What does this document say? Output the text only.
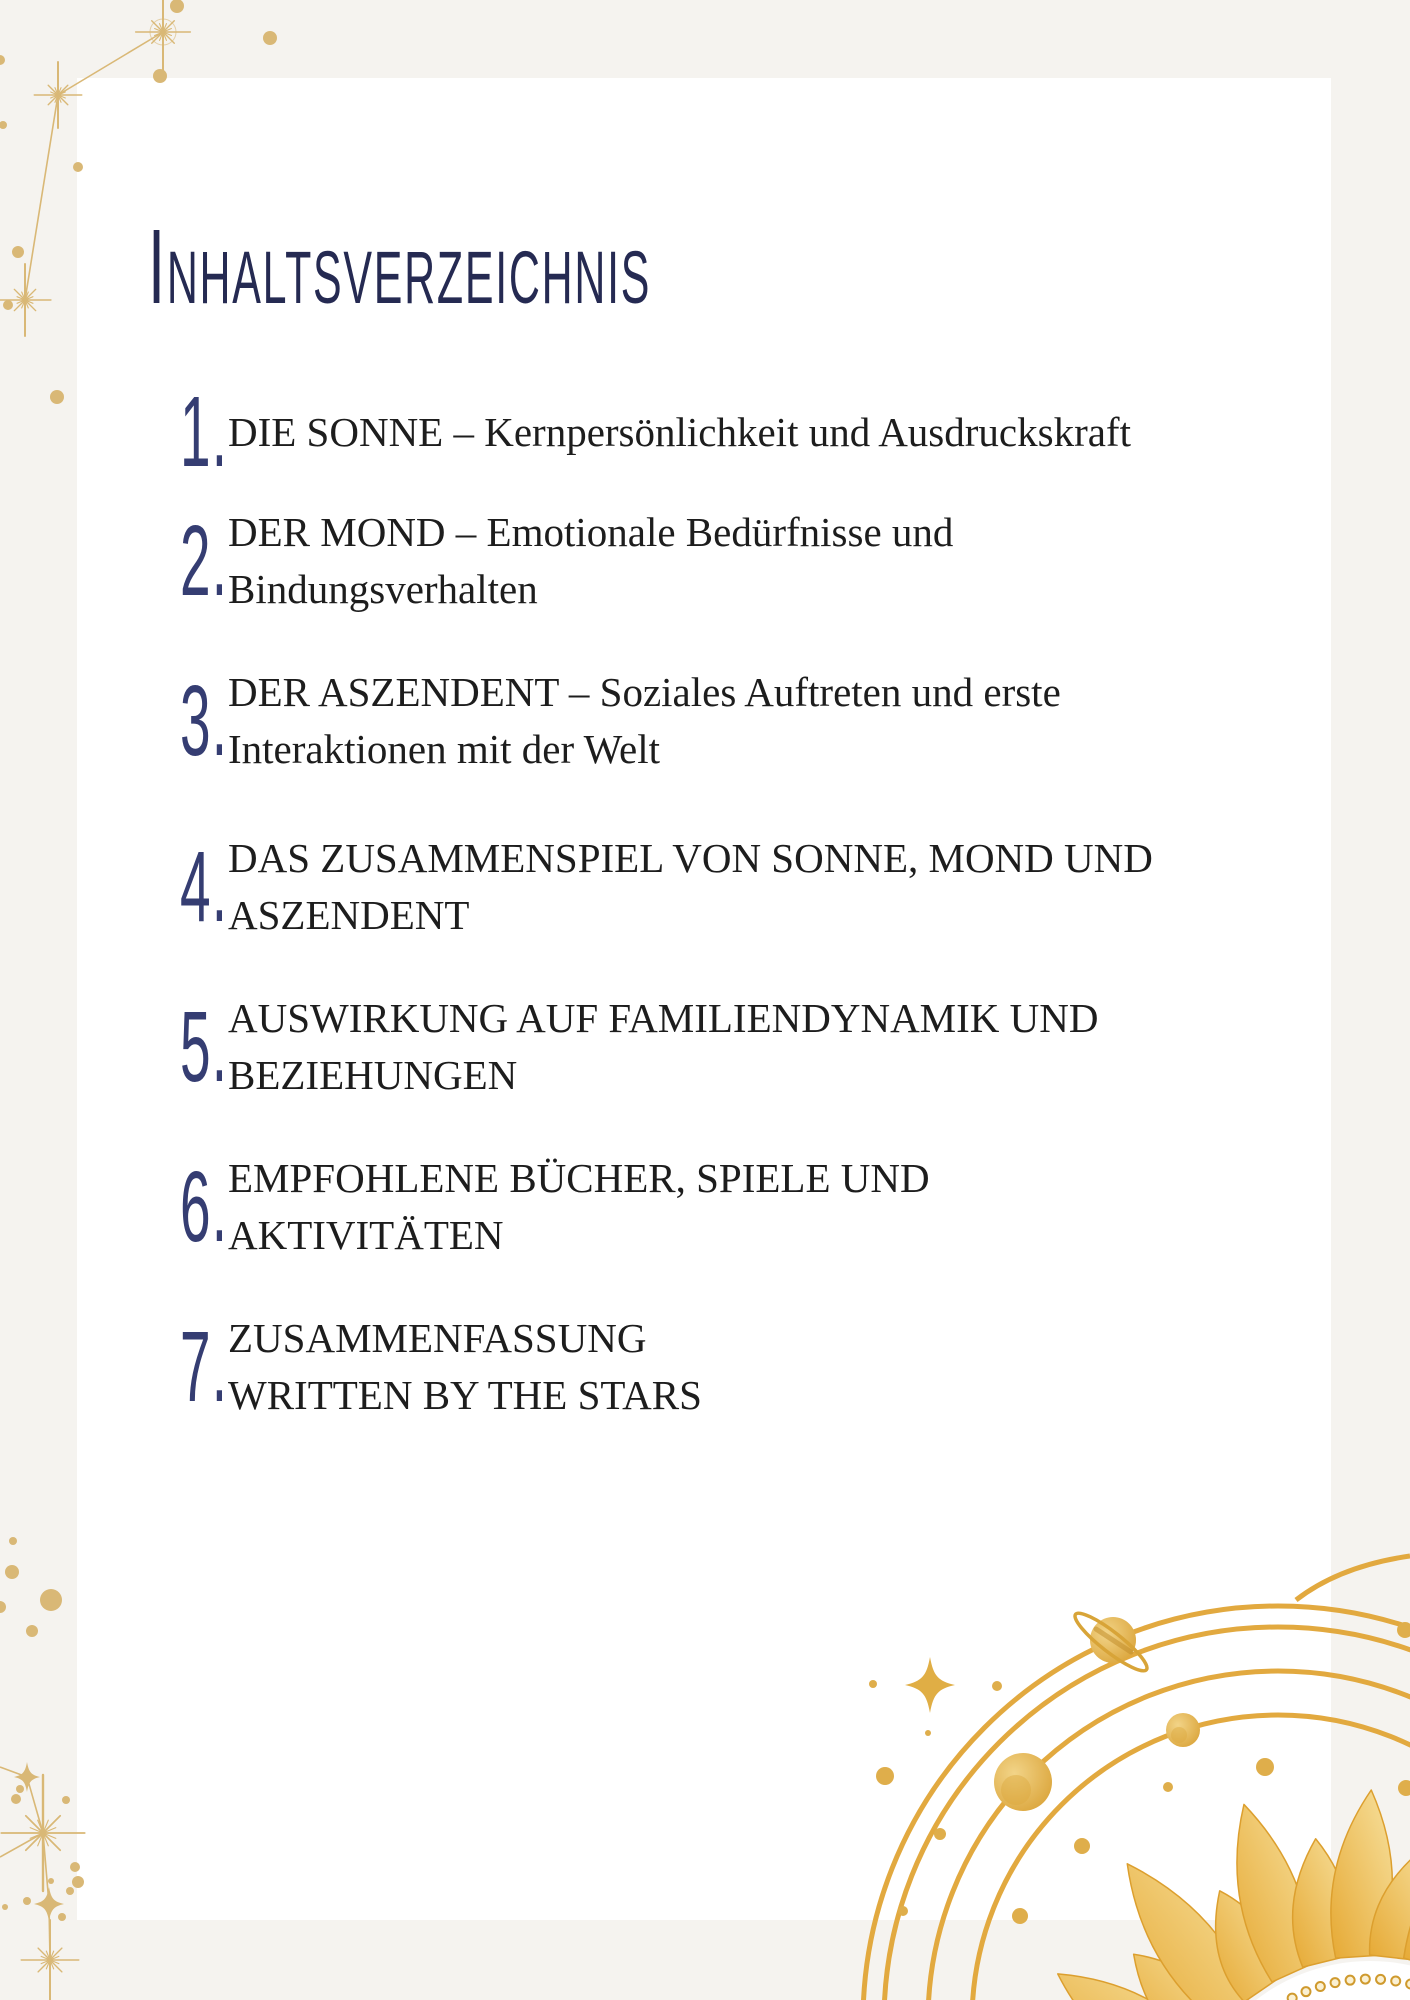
Inhaltsverzeichnis
1. DIE SONNE – Kernpersönlichkeit und Ausdruckskraft
2. DER MOND – Emotionale Bedürfnisse und
Bindungsverhalten
3. DER ASZENDENT – Soziales Auftreten und erste
Interaktionen mit der Welt
4. DAS ZUSAMMENSPIEL VON SONNE, MOND UND
ASZENDENT
5. AUSWIRKUNG AUF FAMILIENDYNAMIK UND
BEZIEHUNGEN
6. EMPFOHLENE BÜCHER, SPIELE UND
AKTIVITÄTEN
7. ZUSAMMENFASSUNG
WRITTEN BY THE STARS
